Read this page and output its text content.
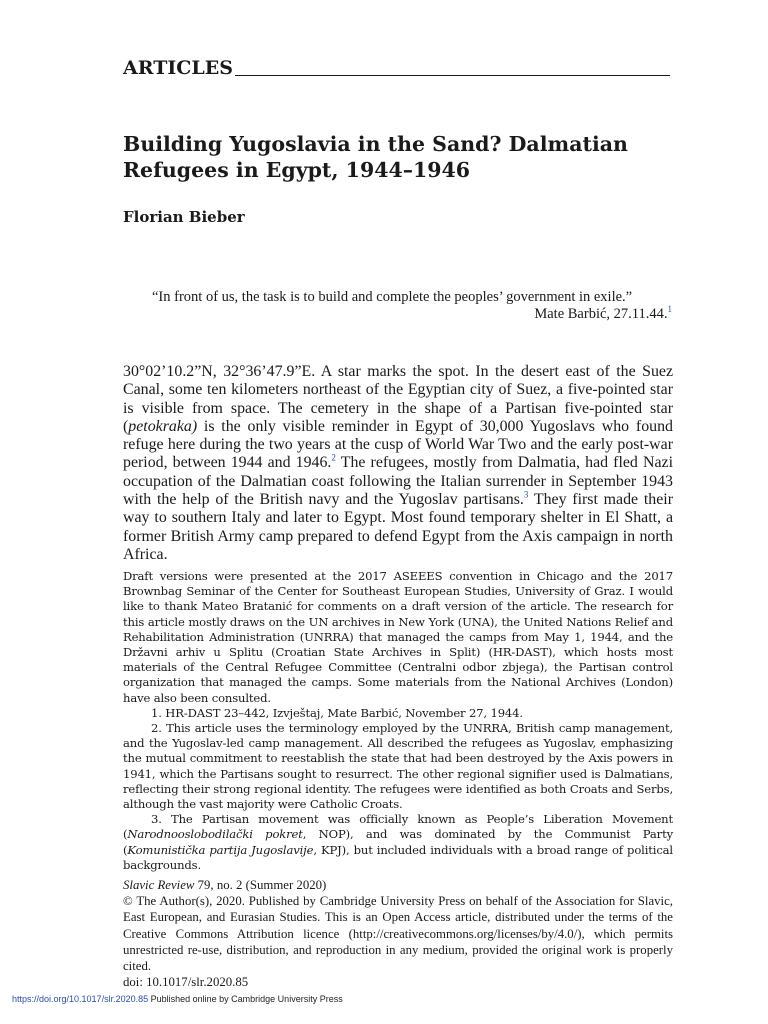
ARTICLES
Building Yugoslavia in the Sand? Dalmatian Refugees in Egypt, 1944–1946
Florian Bieber
“In front of us, the task is to build and complete the peoples’ government in exile.”
Mate Barbić, 27.11.44.$^1$

30°02’10.2”N, 32°36’47.9”E. A star marks the spot. In the desert east of the Suez Canal, some ten kilometers northeast of the Egyptian city of Suez, a five-pointed star is visible from space. The cemetery in the shape of a Partisan five-pointed star (petokraka) is the only visible reminder in Egypt of 30,000 Yugoslavs who found refuge here during the two years at the cusp of World War Two and the early post-war period, between 1944 and 1946.$^2$ The refugees, mostly from Dalmatia, had fled Nazi occupation of the Dalmatian coast following the Italian surrender in September 1943 with the help of the British navy and the Yugoslav partisans.$^3$ They first made their way to southern Italy and later to Egypt. Most found temporary shelter in El Shatt, a former British Army camp prepared to defend Egypt from the Axis campaign in north Africa.

Draft versions were presented at the 2017 ASEEES convention in Chicago and the 2017 Brownbag Seminar of the Center for Southeast European Studies, University of Graz. I would like to thank Mateo Bratanić for comments on a draft version of the article. The research for this article mostly draws on the UN archives in New York (UNA), the United Nations Relief and Rehabilitation Administration (UNRRA) that managed the camps from May 1, 1944, and the Državni arhiv u Splitu (Croatian State Archives in Split) (HR-DAST), which hosts most materials of the Central Refugee Committee (Centralni odbor zbjega), the Partisan control organization that managed the camps. Some materials from the National Archives (London) have also been consulted.

1. HR-DAST 23–442, Izvještaj, Mate Barbić, November 27, 1944.

2. This article uses the terminology employed by the UNRRA, British camp management, and the Yugoslav-led camp management. All described the refugees as Yugoslav, emphasizing the mutual commitment to reestablish the state that had been destroyed by the Axis powers in 1941, which the Partisans sought to resurrect. The other regional signifier used is Dalmatians, reflecting their strong regional identity. The refugees were identified as both Croats and Serbs, although the vast majority were Catholic Croats.

3. The Partisan movement was officially known as People’s Liberation Movement (Narodnooslobodilački pokret, NOP), and was dominated by the Communist Party (Komunistička partija Jugoslavije, KPJ), but included individuals with a broad range of political backgrounds.

Slavic Review 79, no. 2 (Summer 2020)

© The Author(s), 2020. Published by Cambridge University Press on behalf of the Association for Slavic, East European, and Eurasian Studies. This is an Open Access article, distributed under the terms of the Creative Commons Attribution licence (http://creativecommons.org/licenses/by/4.0/), which permits unrestricted re-use, distribution, and reproduction in any medium, provided the original work is properly cited.

doi: 10.1017/slr.2020.85

https://doi.org/10.1017/slr.2020.85 Published online by Cambridge University Press
